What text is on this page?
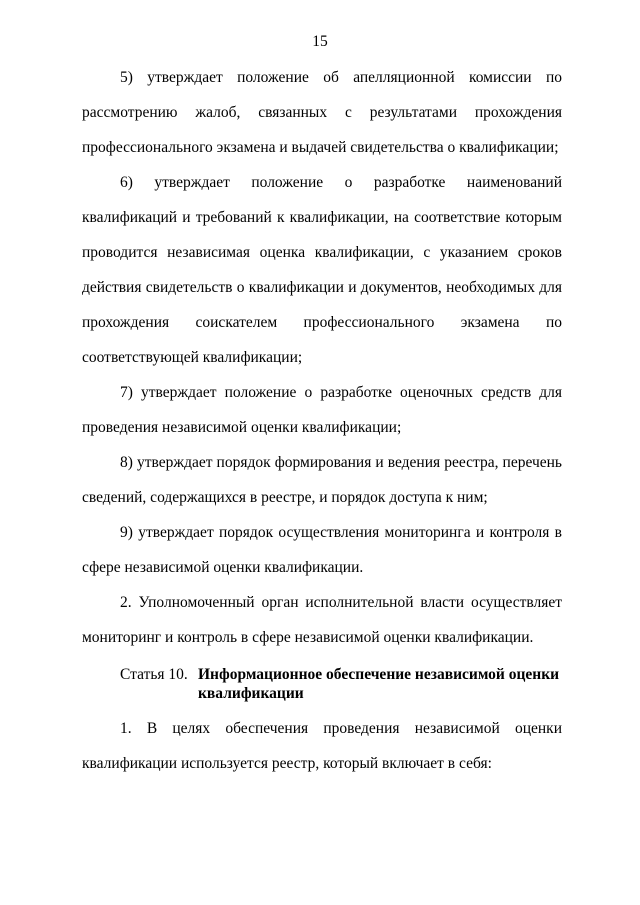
15

5) утверждает положение об апелляционной комиссии по рассмотрению жалоб, связанных с результатами прохождения профессионального экзамена и выдачей свидетельства о квалификации;

6) утверждает положение о разработке наименований квалификаций и требований к квалификации, на соответствие которым проводится независимая оценка квалификации, с указанием сроков действия свидетельств о квалификации и документов, необходимых для прохождения соискателем профессионального экзамена по соответствующей квалификации;

7) утверждает положение о разработке оценочных средств для проведения независимой оценки квалификации;

8) утверждает порядок формирования и ведения реестра, перечень сведений, содержащихся в реестре, и порядок доступа к ним;

9) утверждает порядок осуществления мониторинга и контроля в сфере независимой оценки квалификации.

2. Уполномоченный орган исполнительной власти осуществляет мониторинг и контроль в сфере независимой оценки квалификации.

Статья 10. Информационное обеспечение независимой оценки квалификации

1. В целях обеспечения проведения независимой оценки квалификации используется реестр, который включает в себя:
